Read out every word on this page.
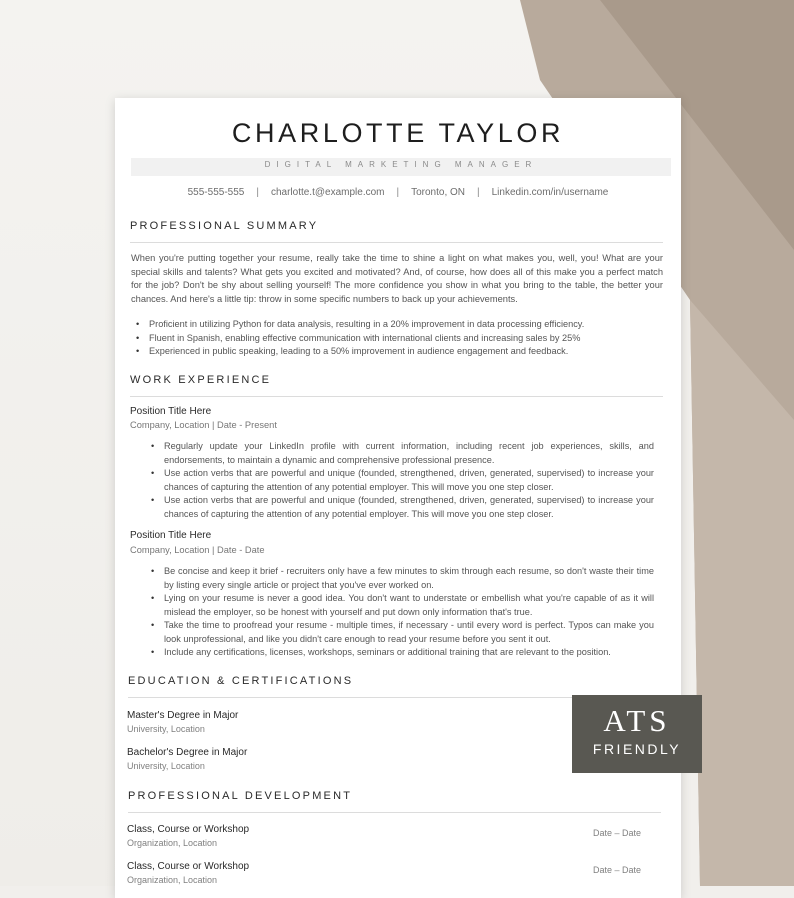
CHARLOTTE TAYLOR
DIGITAL MARKETING MANAGER
555-555-555 | charlotte.t@example.com | Toronto, ON | Linkedin.com/in/username
PROFESSIONAL SUMMARY

When you're putting together your resume, really take the time to shine a light on what makes you, well, you! What are your special skills and talents? What gets you excited and motivated? And, of course, how does all of this make you a perfect match for the job? Don't be shy about selling yourself! The more confidence you show in what you bring to the table, the better your chances. And here's a little tip: throw in some specific numbers to back up your achievements.

• Proficient in utilizing Python for data analysis, resulting in a 20% improvement in data processing efficiency.
• Fluent in Spanish, enabling effective communication with international clients and increasing sales by 25%
• Experienced in public speaking, leading to a 50% improvement in audience engagement and feedback.
WORK EXPERIENCE
Position Title Here
Company, Location | Date - Present
• Regularly update your LinkedIn profile with current information, including recent job experiences, skills, and endorsements, to maintain a dynamic and comprehensive professional presence.
• Use action verbs that are powerful and unique (founded, strengthened, driven, generated, supervised) to increase your chances of capturing the attention of any potential employer. This will move you one step closer.
• Use action verbs that are powerful and unique (founded, strengthened, driven, generated, supervised) to increase your chances of capturing the attention of any potential employer. This will move you one step closer.
Position Title Here
Company, Location | Date - Date
• Be concise and keep it brief - recruiters only have a few minutes to skim through each resume, so don't waste their time by listing every single article or project that you've ever worked on.
• Lying on your resume is never a good idea. You don't want to understate or embellish what you're capable of as it will mislead the employer, so be honest with yourself and put down only information that's true.
• Take the time to proofread your resume - multiple times, if necessary - until every word is perfect. Typos can make you look unprofessional, and like you didn't care enough to read your resume before you sent it out.
• Include any certifications, licenses, workshops, seminars or additional training that are relevant to the position.
EDUCATION & CERTIFICATIONS
Master's Degree in Major
University, Location
Bachelor's Degree in Major
University, Location
PROFESSIONAL DEVELOPMENT
Class, Course or Workshop
Organization, Location
Date – Date
Class, Course or Workshop
Organization, Location
Date – Date
ATS
FRIENDLY
